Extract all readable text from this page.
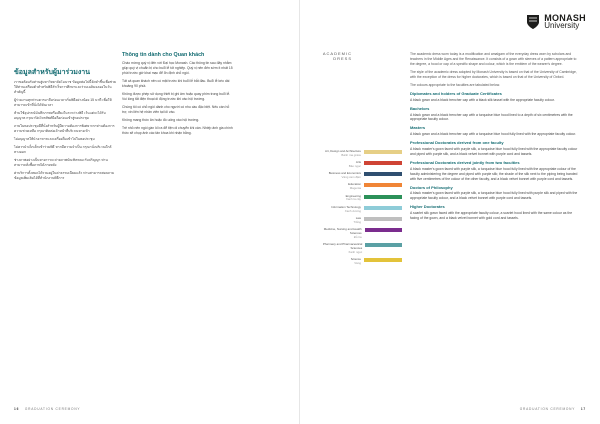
MONASH
University
ข้อมูลสำหรับผู้มาร่วมงาน

เราขอต้อนรับท่านสู่มหาวิทยาลัยโมนาช ข้อมูลต่อไปนี้จัดทำขึ้นเพื่อช่วยให้ท่านเตรียมตัวสำหรับพิธีสำเร็จการศึกษาและร่วมเฉลิมฉลองในวันสำคัญนี้

ผู้ร่วมงานทุกท่านควรมาถึงก่อนเวลาเริ่มพิธีอย่างน้อย 15 นาที เพื่อให้สามารถเข้าที่นั่งได้ทันเวลา

ห้ามใช้อุปกรณ์บันทึกภาพหรือเสียงในระหว่างพิธี เว้นแต่จะได้รับอนุญาต กรุณาปิดโทรศัพท์มือถือก่อนเข้าสู่หอประชุม

ภายในหอประชุมมีที่นั่งสำหรับผู้มีความต้องการพิเศษ หากท่านต้องการความช่วยเหลือ กรุณาติดต่อเจ้าหน้าที่บริเวณทางเข้า

ไม่อนุญาตให้นำอาหารและเครื่องดื่มเข้าไปในหอประชุม

ไม่ควรนำเด็กเล็กเข้าร่วมพิธี หากมีความจำเป็น กรุณานั่งบริเวณใกล้ทางออก

ช่างภาพอย่างเป็นทางการจะถ่ายภาพบัณฑิตขณะรับปริญญา ท่านสามารถสั่งซื้อภาพได้ภายหลัง

ค่าบริการทั้งหมดได้รวมอยู่ในค่าธรรมเนียมแล้ว ท่านสามารถสอบถามข้อมูลเพิ่มเติมได้ที่สำนักงานพิธีการ

Thông tin dành cho Quan khách

Chào mừng quý vị đến với Đại học Monash. Các thông tin sau đây nhằm giúp quý vị chuẩn bị cho buổi lễ tốt nghiệp. Quý vị nên đến sớm ít nhất 15 phút trước giờ khai mạc để ổn định chỗ ngồi.

Tất cả quan khách nên có mặt trước khi buổi lễ bắt đầu. Buổi lễ kéo dài khoảng 90 phút.

Không được phép sử dụng thiết bị ghi âm hoặc quay phim trong buổi lễ. Vui lòng tắt điện thoại di động trước khi vào hội trường.

Chúng tôi có chỗ ngồi dành cho người có nhu cầu đặc biệt. Nếu cần hỗ trợ, xin liên hệ nhân viên tại lối vào.

Không mang thức ăn hoặc đồ uống vào hội trường.

Trẻ nhỏ nên ngồi gần lối ra để tiện di chuyển khi cần. Nhiếp ảnh gia chính thức sẽ chụp ảnh các tân khoa khi nhận bằng.

ACADEMIC DRESS
Art, Design and Architecture
Bánh ma gráce
Arts
Bảo ngọc
Business and Economics
Vàng cam đậm
Education
Magenta
Engineering
Xanh lá cây
Information Technology
Xanh dương
Law
Trắng
Medicine, Nursing and Health Sciences
Đỏ tía
Pharmacy and Pharmaceutical Sciences
Xanh ngọc
Science
Vàng

The academic dress worn today is a modification and amalgam of the everyday dress worn by scholars and teachers in the Middle Ages and the Renaissance. It consists of a gown with sleeves of a pattern appropriate to the degree, a hood or cap of a specific shape and colour, which is the emblem of the wearer's degree.

The style of the academic dress adopted by Monash University is based on that of the University of Cambridge, with the exception of the dress for higher doctorates, which is based on that of the University of Oxford.

The colours appropriate to the faculties are tabulated below.

Diplomates and holders of Graduate Certificates

A black gown and a black trencher cap with a black silk tassel with the appropriate faculty colour.

Bachelors

A black gown and a black trencher cap with a turquoise blue hood lined to a depth of six centimetres with the appropriate faculty colour.

Masters

A black gown and a black trencher cap with a turquoise blue hood fully lined with the appropriate faculty colour.

Professional Doctorates derived from one faculty

A black master's gown faced with purple silk, a turquoise blue hood fully lined with the appropriate faculty colour and piped with purple silk, and a black velvet bonnet with purple cord and tassels.

Professional Doctorates derived jointly from two faculties

A black master's gown faced with purple silk, a turquoise blue hood fully lined with the appropriate colour of the faculty administering the degree and piped with purple silk; the shade of the silk next to the piping being banded with five centimetres of the colour of the other faculty, and a black velvet bonnet with purple cord and tassels.

Doctors of Philosophy

A black master's gown faced with purple silk, a turquoise blue hood fully lined with purple silk and piped with the appropriate faculty colour, and a black velvet bonnet with purple cord and tassels.

Higher Doctorates

A scarlet silk gown faced with the appropriate faculty colour, a scarlet hood lined with the same colour as the facing of the gown, and a black velvet bonnet with gold cord and tassels.

16 GRADUATION CEREMONY	GRADUATION CEREMONY 17
